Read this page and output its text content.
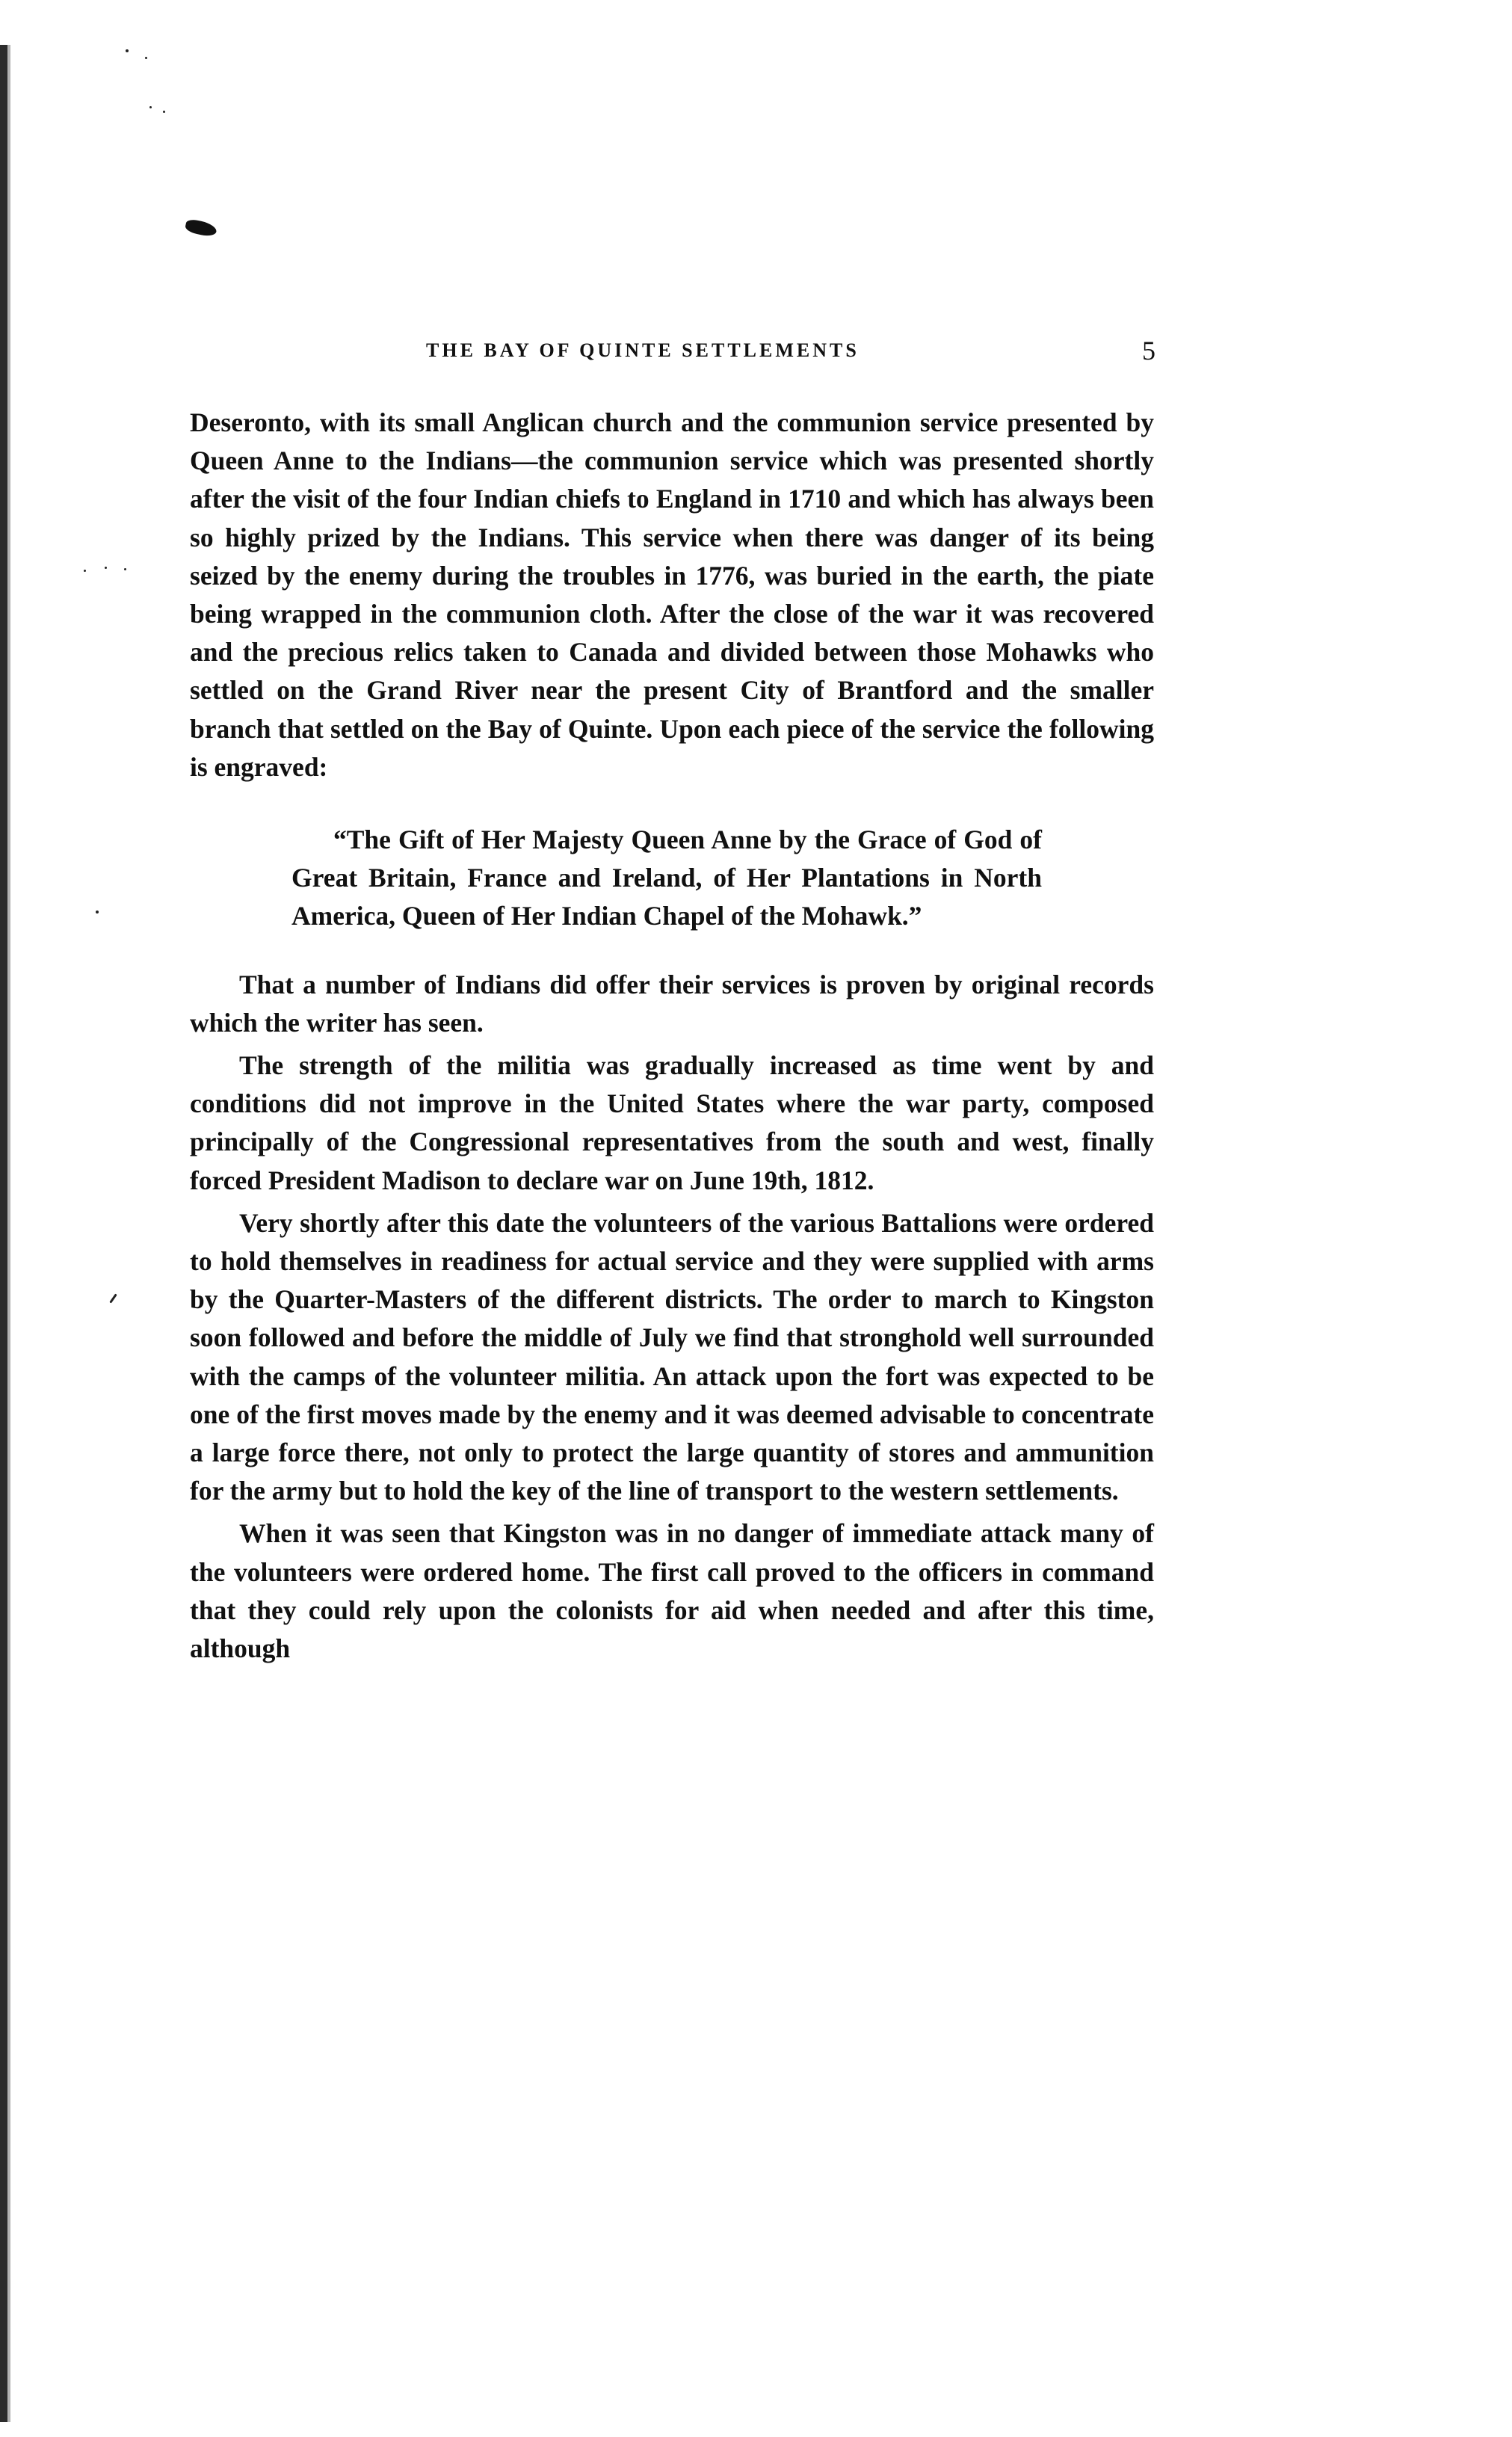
THE BAY OF QUINTE SETTLEMENTS	5

Deseronto, with its small Anglican church and the communion service presented by Queen Anne to the Indians—the communion service which was presented shortly after the visit of the four Indian chiefs to England in 1710 and which has always been so highly prized by the Indians. This service when there was danger of its being seized by the enemy during the troubles in 1776, was buried in the earth, the piate being wrapped in the communion cloth. After the close of the war it was recovered and the precious relics taken to Canada and divided between those Mohawks who settled on the Grand River near the present City of Brantford and the smaller branch that settled on the Bay of Quinte. Upon each piece of the service the following is engraved:

“The Gift of Her Majesty Queen Anne by the Grace of God of Great Britain, France and Ireland, of Her Plantations in North America, Queen of Her Indian Chapel of the Mohawk.”

That a number of Indians did offer their services is proven by original records which the writer has seen.

The strength of the militia was gradually increased as time went by and conditions did not improve in the United States where the war party, composed principally of the Congressional representatives from the south and west, finally forced President Madison to declare war on June 19th, 1812.

Very shortly after this date the volunteers of the various Battalions were ordered to hold themselves in readiness for actual service and they were supplied with arms by the Quarter-Masters of the different districts. The order to march to Kingston soon followed and before the middle of July we find that stronghold well surrounded with the camps of the volunteer militia. An attack upon the fort was expected to be one of the first moves made by the enemy and it was deemed advisable to concentrate a large force there, not only to protect the large quantity of stores and ammunition for the army but to hold the key of the line of transport to the western settlements.

When it was seen that Kingston was in no danger of immediate attack many of the volunteers were ordered home. The first call proved to the officers in command that they could rely upon the colonists for aid when needed and after this time, although
